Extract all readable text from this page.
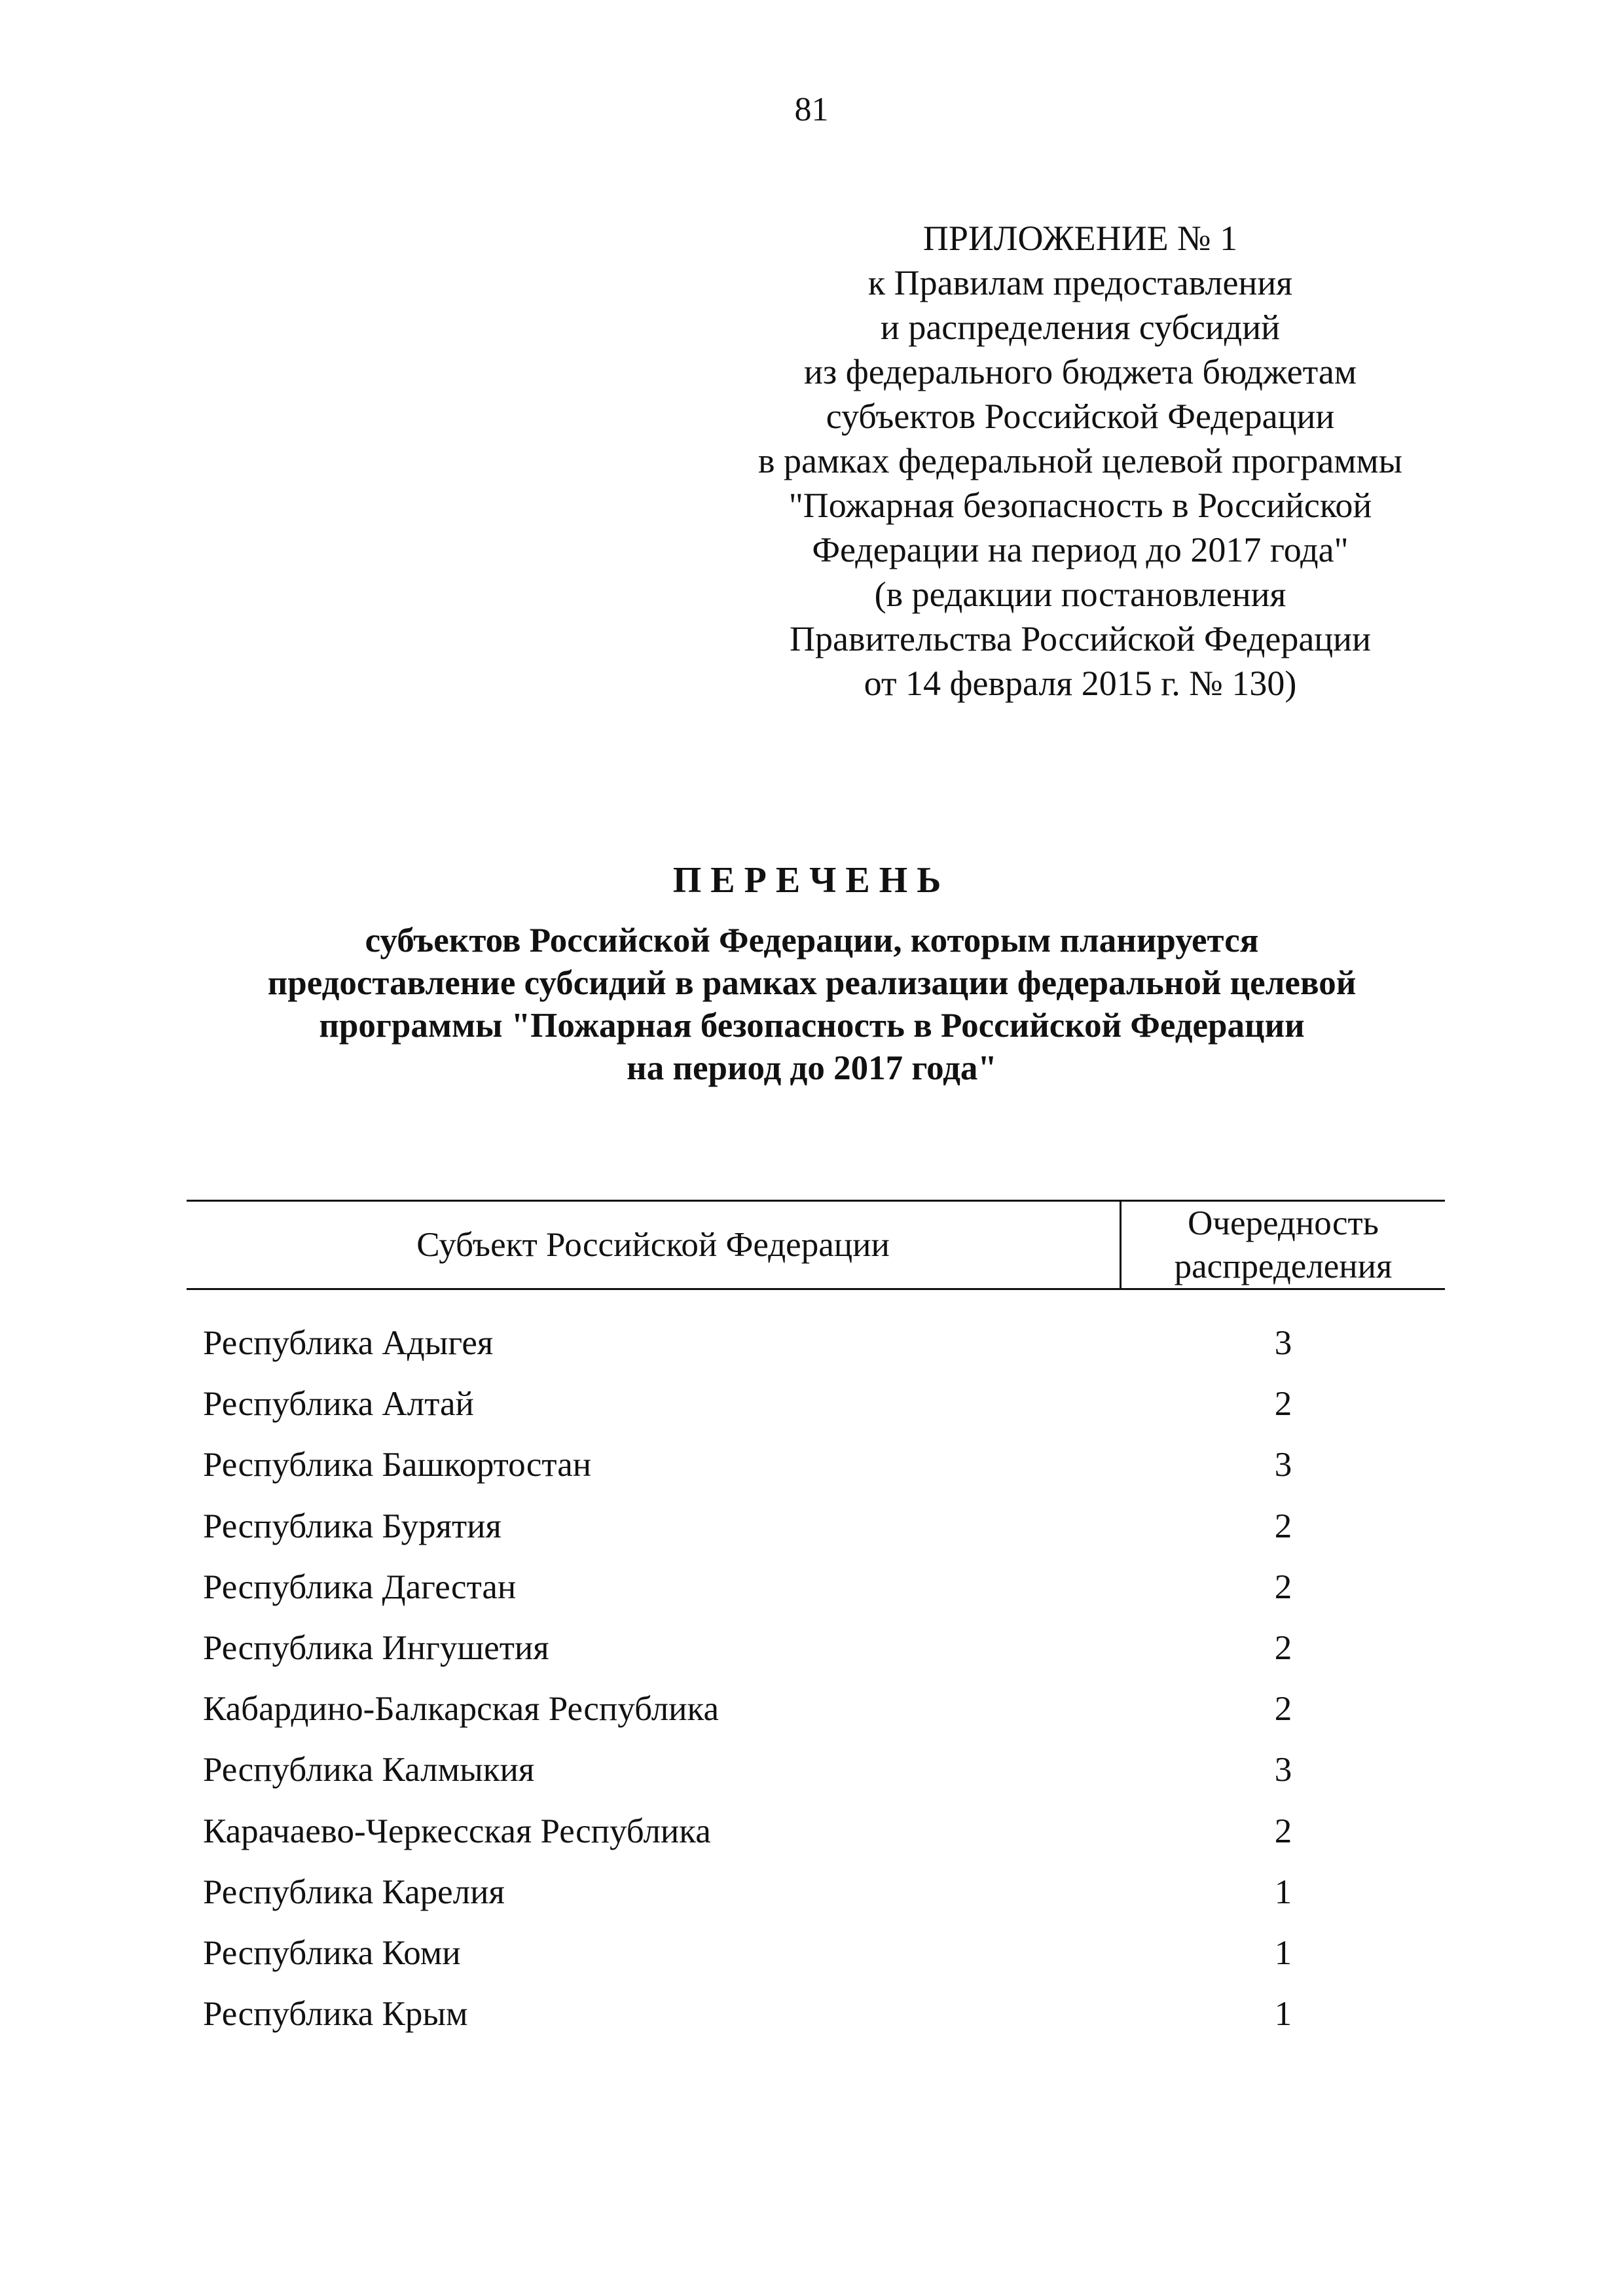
81
ПРИЛОЖЕНИЕ № 1
к Правилам предоставления
и распределения субсидий
из федерального бюджета бюджетам
субъектов Российской Федерации
в рамках федеральной целевой программы
"Пожарная безопасность в Российской
Федерации на период до 2017 года"
(в редакции постановления
Правительства Российской Федерации
от 14 февраля 2015 г. № 130)
ПЕРЕЧЕНЬ
субъектов Российской Федерации, которым планируется
предоставление субсидий в рамках реализации федеральной целевой
программы "Пожарная безопасность в Российской Федерации
на период до 2017 года"
Субъект Российской Федерации
Очередность
распределения
Республика Адыгея	3
Республика Алтай	2
Республика Башкортостан	3
Республика Бурятия	2
Республика Дагестан	2
Республика Ингушетия	2
Кабардино-Балкарская Республика	2
Республика Калмыкия	3
Карачаево-Черкесская Республика	2
Республика Карелия	1
Республика Коми	1
Республика Крым	1
